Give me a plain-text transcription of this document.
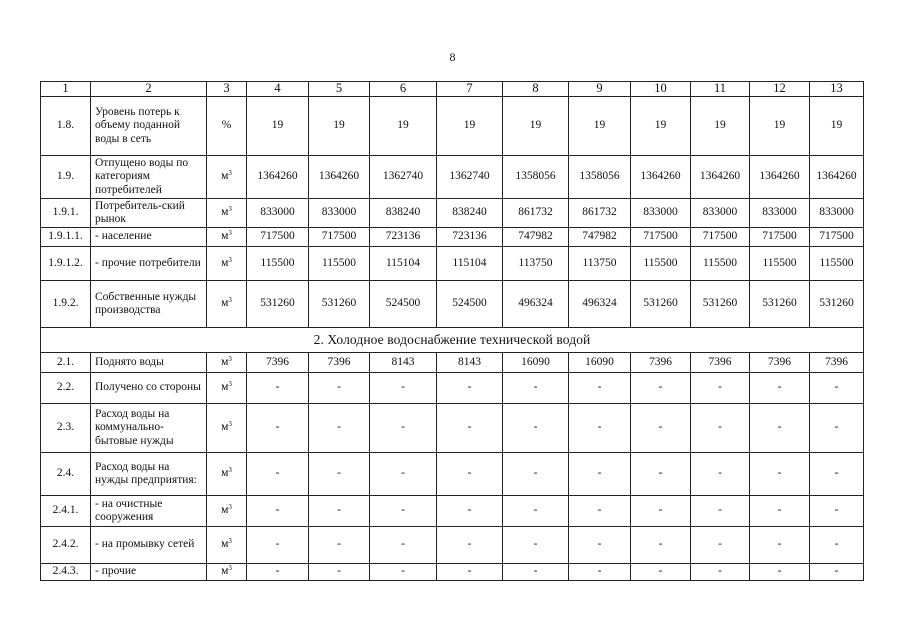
8
1	2	3	4	5	6	7	8	9	10	11	12	13
1.8.	Уровень потерь к объему поданной воды в сеть	%	19	19	19	19	19	19	19	19	19	19
1.9.	Отпущено воды по категориям потребителей	$м^3$	1364260	1364260	1362740	1362740	1358056	1358056	1364260	1364260	1364260	1364260
1.9.1.	Потребитель-ский рынок	$м^3$	833000	833000	838240	838240	861732	861732	833000	833000	833000	833000
1.9.1.1.	- население	$м^3$	717500	717500	723136	723136	747982	747982	717500	717500	717500	717500
1.9.1.2.	- прочие потребители	$м^3$	115500	115500	115104	115104	113750	113750	115500	115500	115500	115500
1.9.2.	Собственные нужды производства	$м^3$	531260	531260	524500	524500	496324	496324	531260	531260	531260	531260
2. Холодное водоснабжение технической водой												
2.1.	Поднято воды	$м^3$	7396	7396	8143	8143	16090	16090	7396	7396	7396	7396
2.2.	Получено со стороны	$м^3$	-	-	-	-	-	-	-	-	-	-
2.3.	Расход воды на коммунально-бытовые нужды	$м^3$	-	-	-	-	-	-	-	-	-	-
2.4.	Расход воды на нужды предприятия:	$м^3$	-	-	-	-	-	-	-	-	-	-
2.4.1.	- на очистные сооружения	$м^3$	-	-	-	-	-	-	-	-	-	-
2.4.2.	- на промывку сетей	$м^3$	-	-	-	-	-	-	-	-	-	-
2.4.3.	- прочие	$м^3$	-	-	-	-	-	-	-	-	-	-
